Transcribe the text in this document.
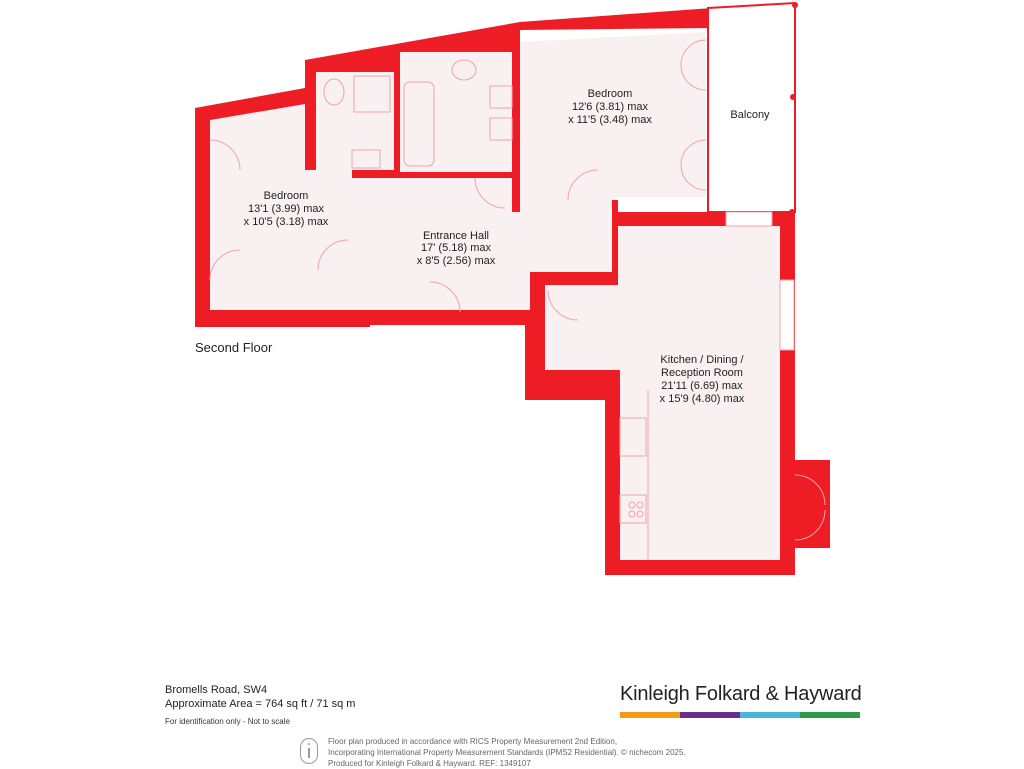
Bedroom
13'1 (3.99) max
x 10'5 (3.18) max
Bedroom
12'6 (3.81) max
x 11'5 (3.48) max	Balcony
Entrance Hall
17' (5.18) max
x 8'5 (2.56) max
Kitchen / Dining /
Reception Room
21'11 (6.69) max
x 15'9 (4.80) max
Second Floor
Bromells Road, SW4
Approximate Area = 764 sq ft / 71 sq m
For identification only - Not to scale
Kinleigh Folkard & Hayward
Floor plan produced in accordance with RICS Property Measurement 2nd Edition,
Incorporating International Property Measurement Standards (IPMS2 Residential). © nichecom 2025.
Produced for Kinleigh Folkard & Hayward. REF: 1349107
